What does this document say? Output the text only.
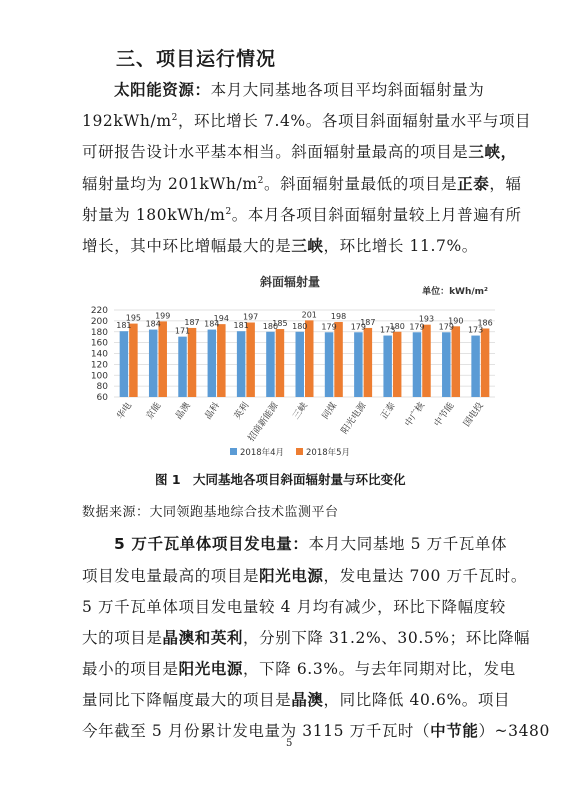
三、项目运行情况
太阳能资源：本月大同基地各项目平均斜面辐射量为
$192kWh/m^2$，环比增长 7.4%。各项目斜面辐射量水平与项目
可研报告设计水平基本相当。斜面辐射量最高的项目是三峡，
辐射量均为 $201kWh/m^2$。斜面辐射量最低的项目是正泰，辐
射量为 $180kWh/m^2$。本月各项目斜面辐射量较上月普遍有所
增长，其中环比增幅最大的是三峡，环比增长 11.7%。
斜面辐射量
单位：kWh/m²
60
80
100
120
140
160
180
200
220
181
195
华电
184
199
京能
171
187
晶澳
184
194
晶科
181
197
英利
180
185
招商新能源
180
201
三峡
179
198
同煤
179
187
阳光电源
173
180
正泰
179
193
中广核
179
190
中节能
173
186
国电投
2018年4月	2018年5月
图 1　大同基地各项目斜面辐射量与环比变化
数据来源：大同领跑基地综合技术监测平台
5 万千瓦单体项目发电量：本月大同基地 5 万千瓦单体
项目发电量最高的项目是阳光电源，发电量达 700 万千瓦时。
5 万千瓦单体项目发电量较 4 月均有减少，环比下降幅度较
大的项目是晶澳和英利，分别下降 31.2%、30.5%；环比降幅
最小的项目是阳光电源，下降 6.3%。与去年同期对比，发电
量同比下降幅度最大的项目是晶澳，同比降低 40.6%。项目
今年截至 5 月份累计发电量为 3115 万千瓦时（中节能）~3480
5
